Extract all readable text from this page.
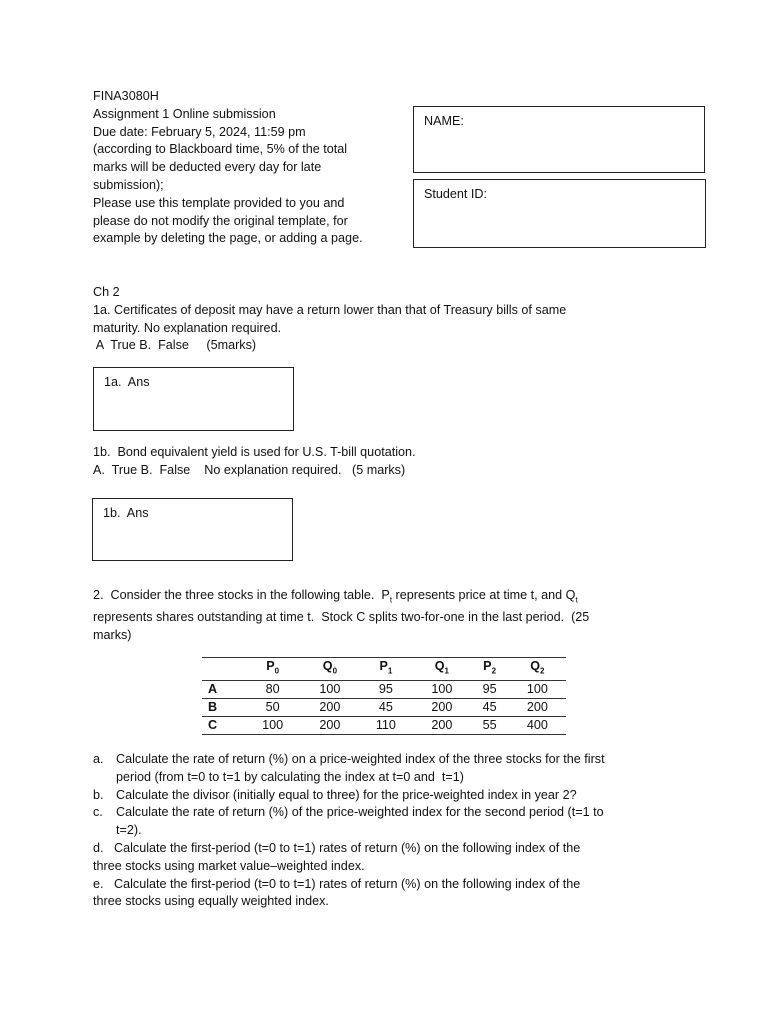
FINA3080H
Assignment 1 Online submission
Due date: February 5, 2024, 11:59 pm
(according to Blackboard time, 5% of the total
marks will be deducted every day for late
submission);
Please use this template provided to you and
please do not modify the original template, for
example by deleting the page, or adding a page.
NAME:
Student ID:
Ch 2
1a. Certificates of deposit may have a return lower than that of Treasury bills of same
maturity. No explanation required.
A  True B.  False     (5marks)
1a.  Ans
1b.  Bond equivalent yield is used for U.S. T-bill quotation.
A.  True B.  False    No explanation required.   (5 marks)
1b.  Ans
2.  Consider the three stocks in the following table.  $P_t$ represents price at time t, and $Q_t$
represents shares outstanding at time t.  Stock C splits two-for-one in the last period.  (25
marks)
	$P_0$	$Q_0$	$P_1$	$Q_1$	$P_2$	$Q_2$
A	80	100	95	100	95	100
B	50	200	45	200	45	200
C	100	200	110	200	55	400
a. Calculate the rate of return (%) on a price-weighted index of the three stocks for the first
period (from t=0 to t=1 by calculating the index at t=0 and  t=1)
b. Calculate the divisor (initially equal to three) for the price-weighted index in year 2?
c. Calculate the rate of return (%) of the price-weighted index for the second period (t=1 to
t=2).
d.   Calculate the first-period (t=0 to t=1) rates of return (%) on the following index of the
three stocks using market value–weighted index.
e.   Calculate the first-period (t=0 to t=1) rates of return (%) on the following index of the
three stocks using equally weighted index.
